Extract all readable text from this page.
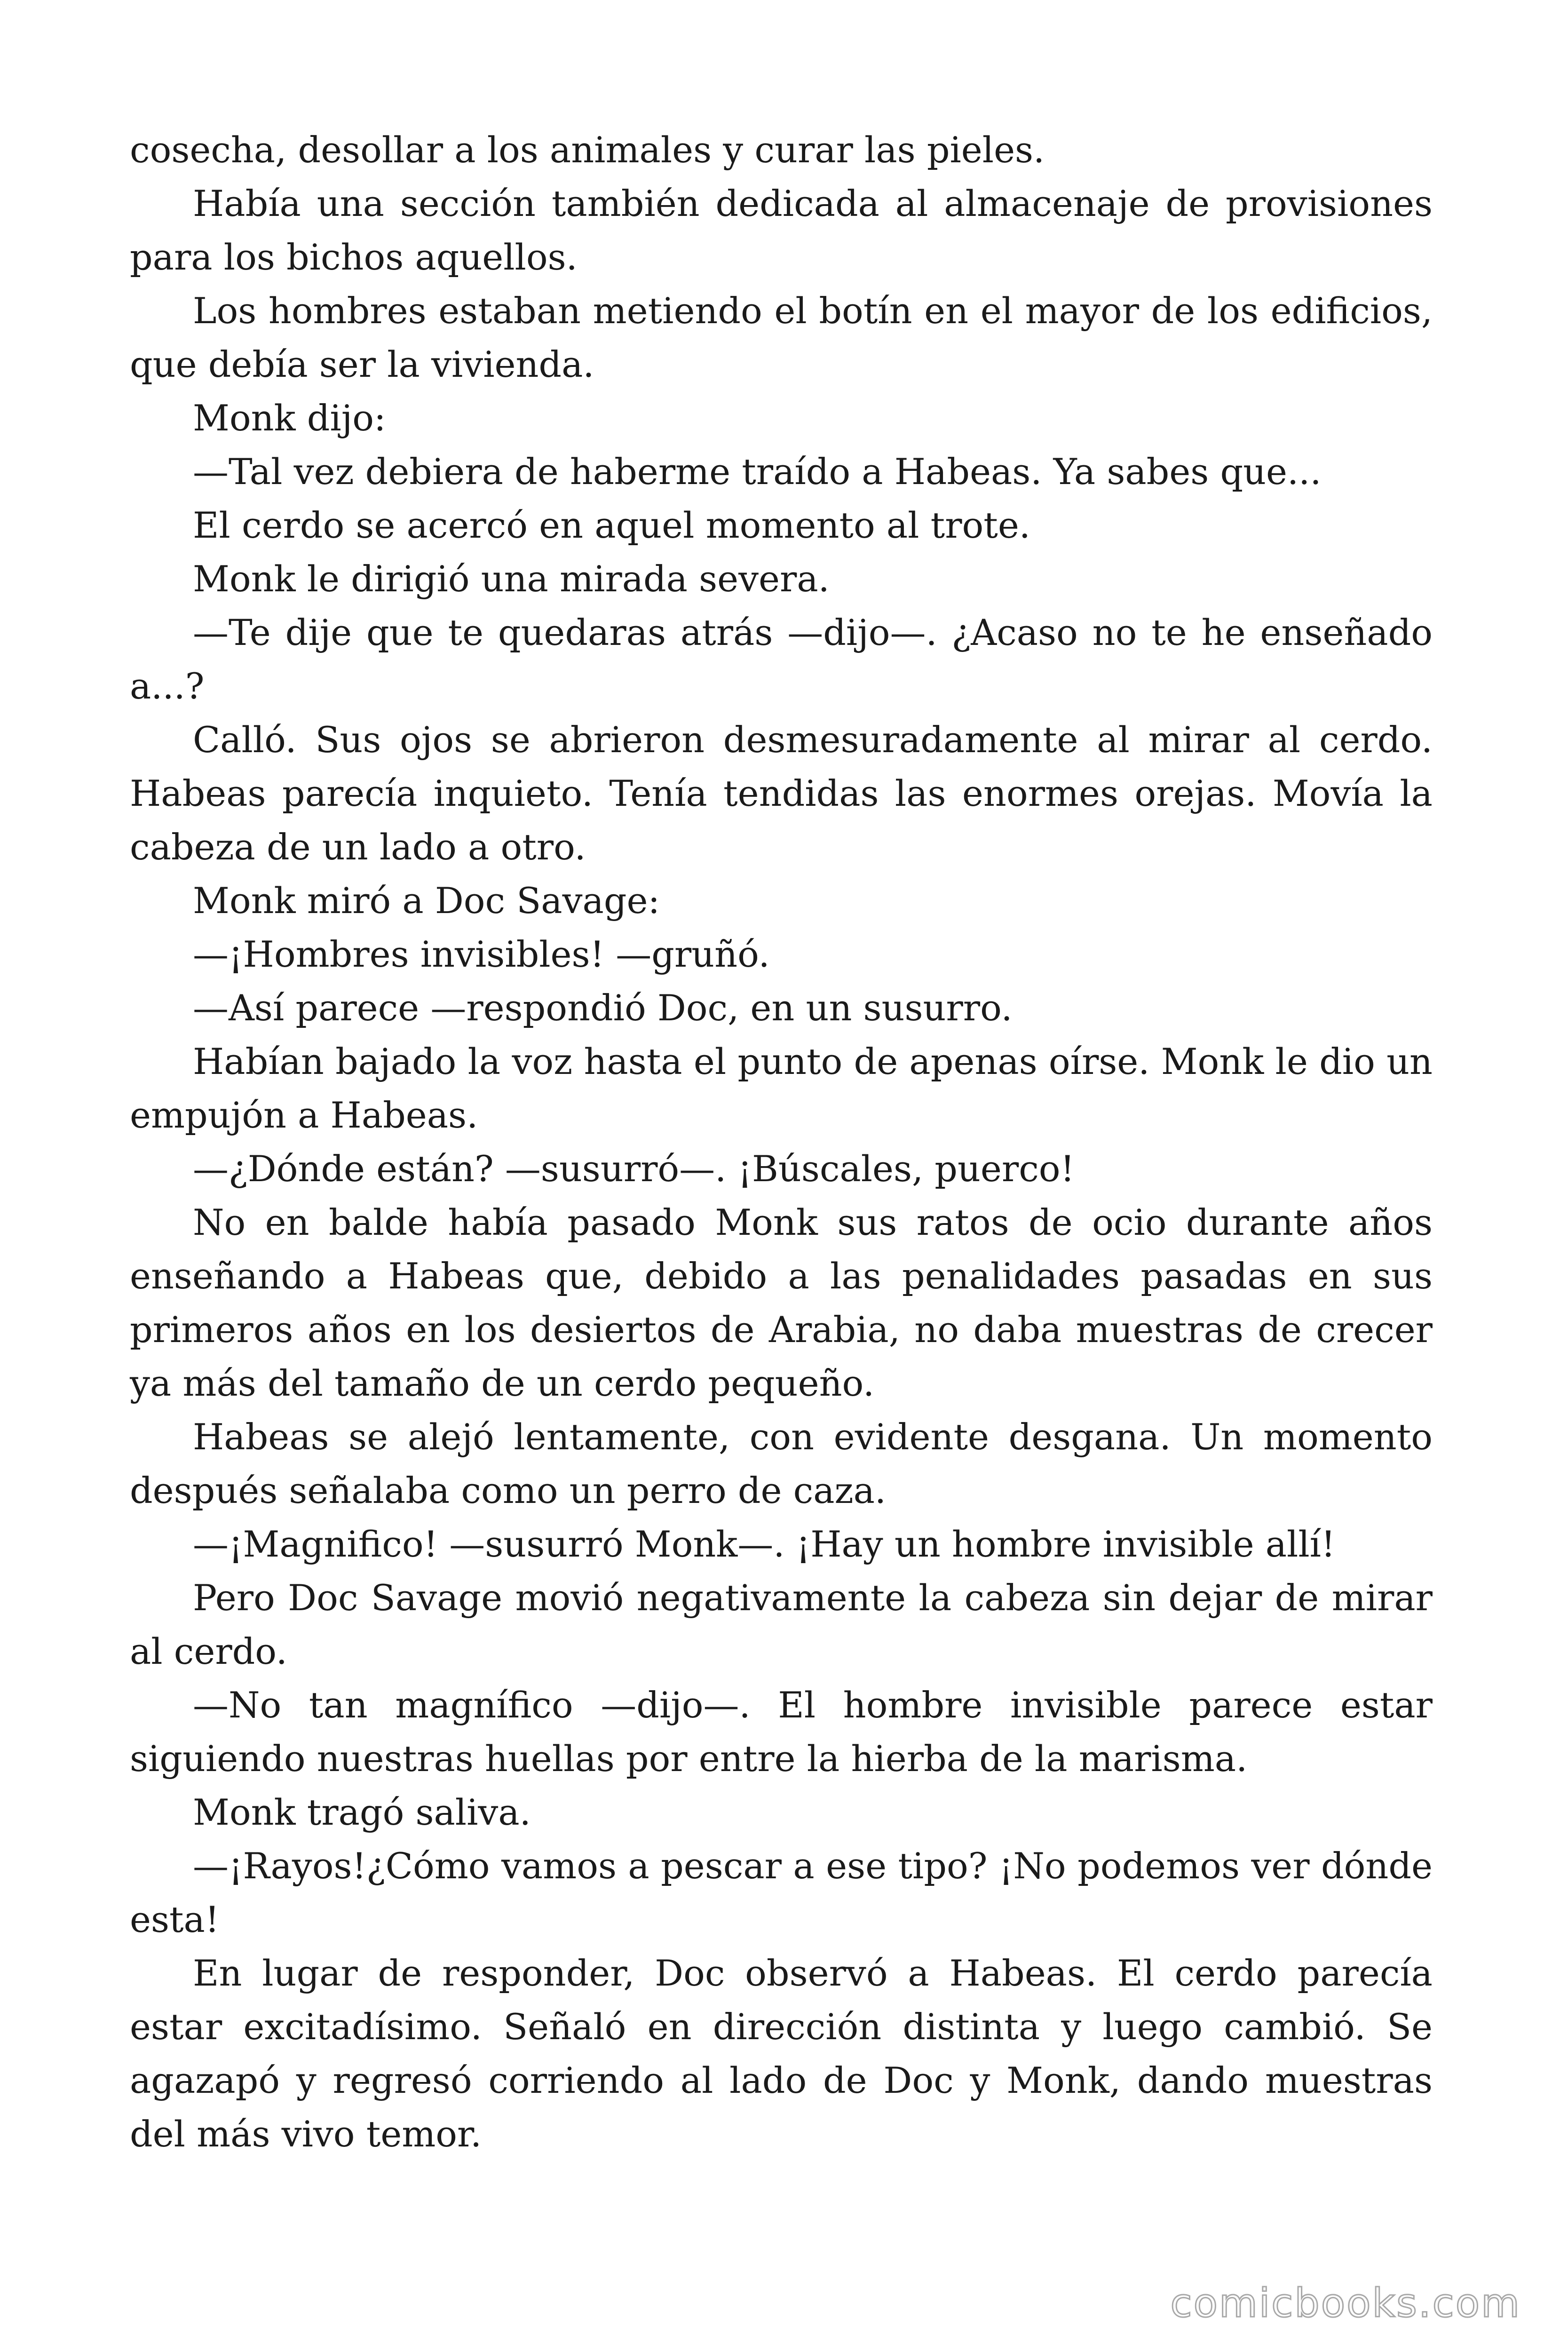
cosecha, desollar a los animales y curar las pieles.

Había una sección también dedicada al almacenaje de provisiones para los bichos aquellos.

Los hombres estaban metiendo el botín en el mayor de los edificios, que debía ser la vivienda.

Monk dijo:

—Tal vez debiera de haberme traído a Habeas. Ya sabes que...

El cerdo se acercó en aquel momento al trote.

Monk le dirigió una mirada severa.

—Te dije que te quedaras atrás —dijo—. ¿Acaso no te he enseñado a...?

Calló. Sus ojos se abrieron desmesuradamente al mirar al cerdo. Habeas parecía inquieto. Tenía tendidas las enormes orejas. Movía la cabeza de un lado a otro.

Monk miró a Doc Savage:

—¡Hombres invisibles! —gruñó.

—Así parece —respondió Doc, en un susurro.

Habían bajado la voz hasta el punto de apenas oírse. Monk le dio un empujón a Habeas.

—¿Dónde están? —susurró—. ¡Búscales, puerco!

No en balde había pasado Monk sus ratos de ocio durante años enseñando a Habeas que, debido a las penalidades pasadas en sus primeros años en los desiertos de Arabia, no daba muestras de crecer ya más del tamaño de un cerdo pequeño.

Habeas se alejó lentamente, con evidente desgana. Un momento después señalaba como un perro de caza.

—¡Magnifico! —susurró Monk—. ¡Hay un hombre invisible allí!

Pero Doc Savage movió negativamente la cabeza sin dejar de mirar al cerdo.

—No tan magnífico —dijo—. El hombre invisible parece estar siguiendo nuestras huellas por entre la hierba de la marisma.

Monk tragó saliva.

—¡Rayos!¿Cómo vamos a pescar a ese tipo? ¡No podemos ver dónde esta!

En lugar de responder, Doc observó a Habeas. El cerdo parecía estar excitadísimo. Señaló en dirección distinta y luego cambió. Se agazapó y regresó corriendo al lado de Doc y Monk, dando muestras del más vivo temor.

comicbooks.com
